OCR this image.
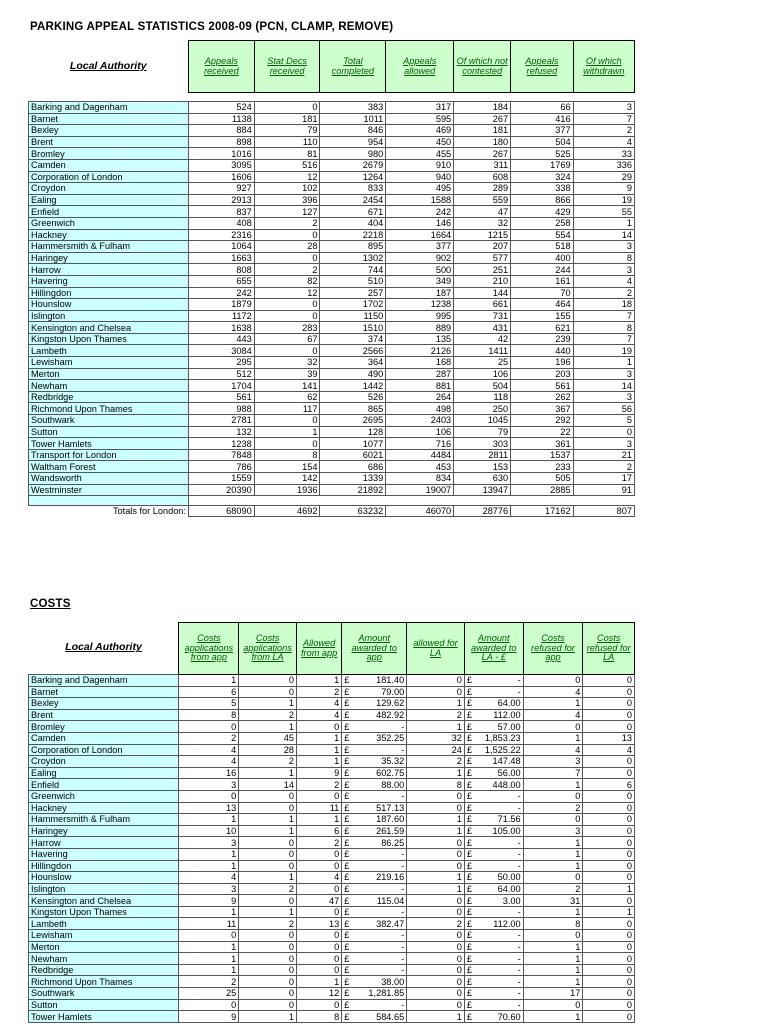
PARKING APPEAL STATISTICS 2008-09 (PCN, CLAMP, REMOVE)
Local Authority	Appeals received	Stat Decs received	Total completed	Appeals allowed	Of which not contested	Appeals refused	Of which withdrawn

Barking and Dagenham	524	0	383	317	184	66	3
Barnet	1138	181	1011	595	267	416	7
Bexley	884	79	846	469	181	377	2
Brent	898	110	954	450	180	504	4
Bromley	1016	81	980	455	267	525	33
Camden	3095	516	2679	910	311	1769	336
Corporation of London	1606	12	1264	940	608	324	29
Croydon	927	102	833	495	289	338	9
Ealing	2913	396	2454	1588	559	866	19
Enfield	837	127	671	242	47	429	55
Greenwich	408	2	404	146	32	258	1
Hackney	2316	0	2218	1664	1215	554	14
Hammersmith & Fulham	1064	28	895	377	207	518	3
Haringey	1663	0	1302	902	577	400	8
Harrow	808	2	744	500	251	244	3
Havering	655	82	510	349	210	161	4
Hillingdon	242	12	257	187	144	70	2
Hounslow	1879	0	1702	1238	661	464	18
Islington	1172	0	1150	995	731	155	7
Kensington and Chelsea	1638	283	1510	889	431	621	8
Kingston Upon Thames	443	67	374	135	42	239	7
Lambeth	3084	0	2566	2126	1411	440	19
Lewisham	295	32	364	168	25	196	1
Merton	512	39	490	287	106	203	3
Newham	1704	141	1442	881	504	561	14
Redbridge	561	62	526	264	118	262	3
Richmond Upon Thames	988	117	865	498	250	367	56
Southwark	2781	0	2695	2403	1045	292	5
Sutton	132	1	128	106	79	22	0
Tower Hamlets	1238	0	1077	716	303	361	3
Transport for London	7848	8	6021	4484	2811	1537	21
Waltham Forest	786	154	686	453	153	233	2
Wandsworth	1559	142	1339	834	630	505	17
Westminster	20390	1936	21892	19007	13947	2885	91

Totals for London:	68090	4692	63232	46070	28776	17162	807
COSTS
Local Authority	Costs applications from app	Costs applications from LA	Allowed from app	Amount awarded to app		allowed for LA	Amount awarded to LA - £		Costs refused for app	Costs refused for LA
Barking and Dagenham	1	0	1	£	181.40	0	£	-	0	0
Barnet	6	0	2	£	79.00	0	£	-	4	0
Bexley	5	1	4	£	129.62	1	£	64.00	1	0
Brent	8	2	4	£	482.92	2	£	112.00	4	0
Bromley	0	1	0	£	-	1	£	57.00	0	0
Camden	2	45	1	£	352.25	32	£	1,853.23	1	13
Corporation of London	4	28	1	£	-	24	£	1,525.22	4	4
Croydon	4	2	1	£	35.32	2	£	147.48	3	0
Ealing	16	1	9	£	602.75	1	£	56.00	7	0
Enfield	3	14	2	£	88.00	8	£	448.00	1	6
Greenwich	0	0	0	£	-	0	£	-	0	0
Hackney	13	0	11	£	517.13	0	£	-	2	0
Hammersmith & Fulham	1	1	1	£	187.60	1	£	71.56	0	0
Haringey	10	1	6	£	261.59	1	£	105.00	3	0
Harrow	3	0	2	£	86.25	0	£	-	1	0
Havering	1	0	0	£	-	0	£	-	1	0
Hillingdon	1	0	0	£	-	0	£	-	1	0
Hounslow	4	1	4	£	219.16	1	£	50.00	0	0
Islington	3	2	0	£	-	1	£	64.00	2	1
Kensington and Chelsea	9	0	47	£	115.04	0	£	3.00	31	0
Kingston Upon Thames	1	1	0	£	-	0	£	-	1	1
Lambeth	11	2	13	£	382.47	2	£	112.00	8	0
Lewisham	0	0	0	£	-	0	£	-	0	0
Merton	1	0	0	£	-	0	£	-	1	0
Newham	1	0	0	£	-	0	£	-	1	0
Redbridge	1	0	0	£	-	0	£	-	1	0
Richmond Upon Thames	2	0	1	£	38.00	0	£	-	1	0
Southwark	25	0	12	£	1,281.85	0	£	-	17	0
Sutton	0	0	0	£	-	0	£	-	0	0
Tower Hamlets	9	1	8	£	584.65	1	£	70.60	1	0
